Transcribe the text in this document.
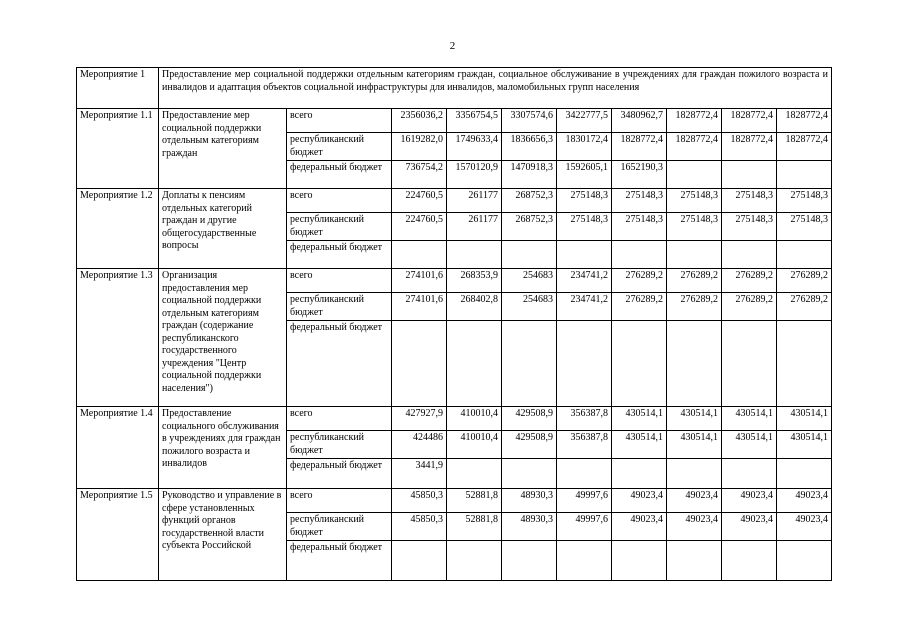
2
Мероприятие 1	Предоставление мер социальной поддержки отдельным категориям граждан, социальное обслуживание в учреждениях для граждан пожилого возраста и инвалидов и адаптация объектов социальной инфраструктуры для инвалидов, маломобильных групп населения									
Мероприятие 1.1	Предоставление мер социальной поддержки отдельным категориям граждан	всего	2356036,2	3356754,5	3307574,6	3422777,5	3480962,7	1828772,4	1828772,4	1828772,4
		республиканский бюджет	1619282,0	1749633,4	1836656,3	1830172,4	1828772,4	1828772,4	1828772,4	1828772,4
		федеральный бюджет	736754,2	1570120,9	1470918,3	1592605,1	1652190,3			
Мероприятие 1.2	Доплаты к пенсиям отдельных категорий граждан и другие общегосударственные вопросы	всего	224760,5	261177	268752,3	275148,3	275148,3	275148,3	275148,3	275148,3
		республиканский бюджет	224760,5	261177	268752,3	275148,3	275148,3	275148,3	275148,3	275148,3
		федеральный бюджет								
Мероприятие 1.3	Организация предоставления мер социальной поддержки отдельным категориям граждан (содержание республиканского государственного учреждения "Центр социальной поддержки населения")	всего	274101,6	268353,9	254683	234741,2	276289,2	276289,2	276289,2	276289,2
		республиканский бюджет	274101,6	268402,8	254683	234741,2	276289,2	276289,2	276289,2	276289,2
		федеральный бюджет								
Мероприятие 1.4	Предоставление социального обслуживания в учреждениях для граждан пожилого возраста и инвалидов	всего	427927,9	410010,4	429508,9	356387,8	430514,1	430514,1	430514,1	430514,1
		республиканский бюджет	424486	410010,4	429508,9	356387,8	430514,1	430514,1	430514,1	430514,1
		федеральный бюджет	3441,9							
Мероприятие 1.5	Руководство и управление в сфере установленных функций органов государственной власти субъекта Российской	всего	45850,3	52881,8	48930,3	49997,6	49023,4	49023,4	49023,4	49023,4
		республиканский бюджет	45850,3	52881,8	48930,3	49997,6	49023,4	49023,4	49023,4	49023,4
		федеральный бюджет								
